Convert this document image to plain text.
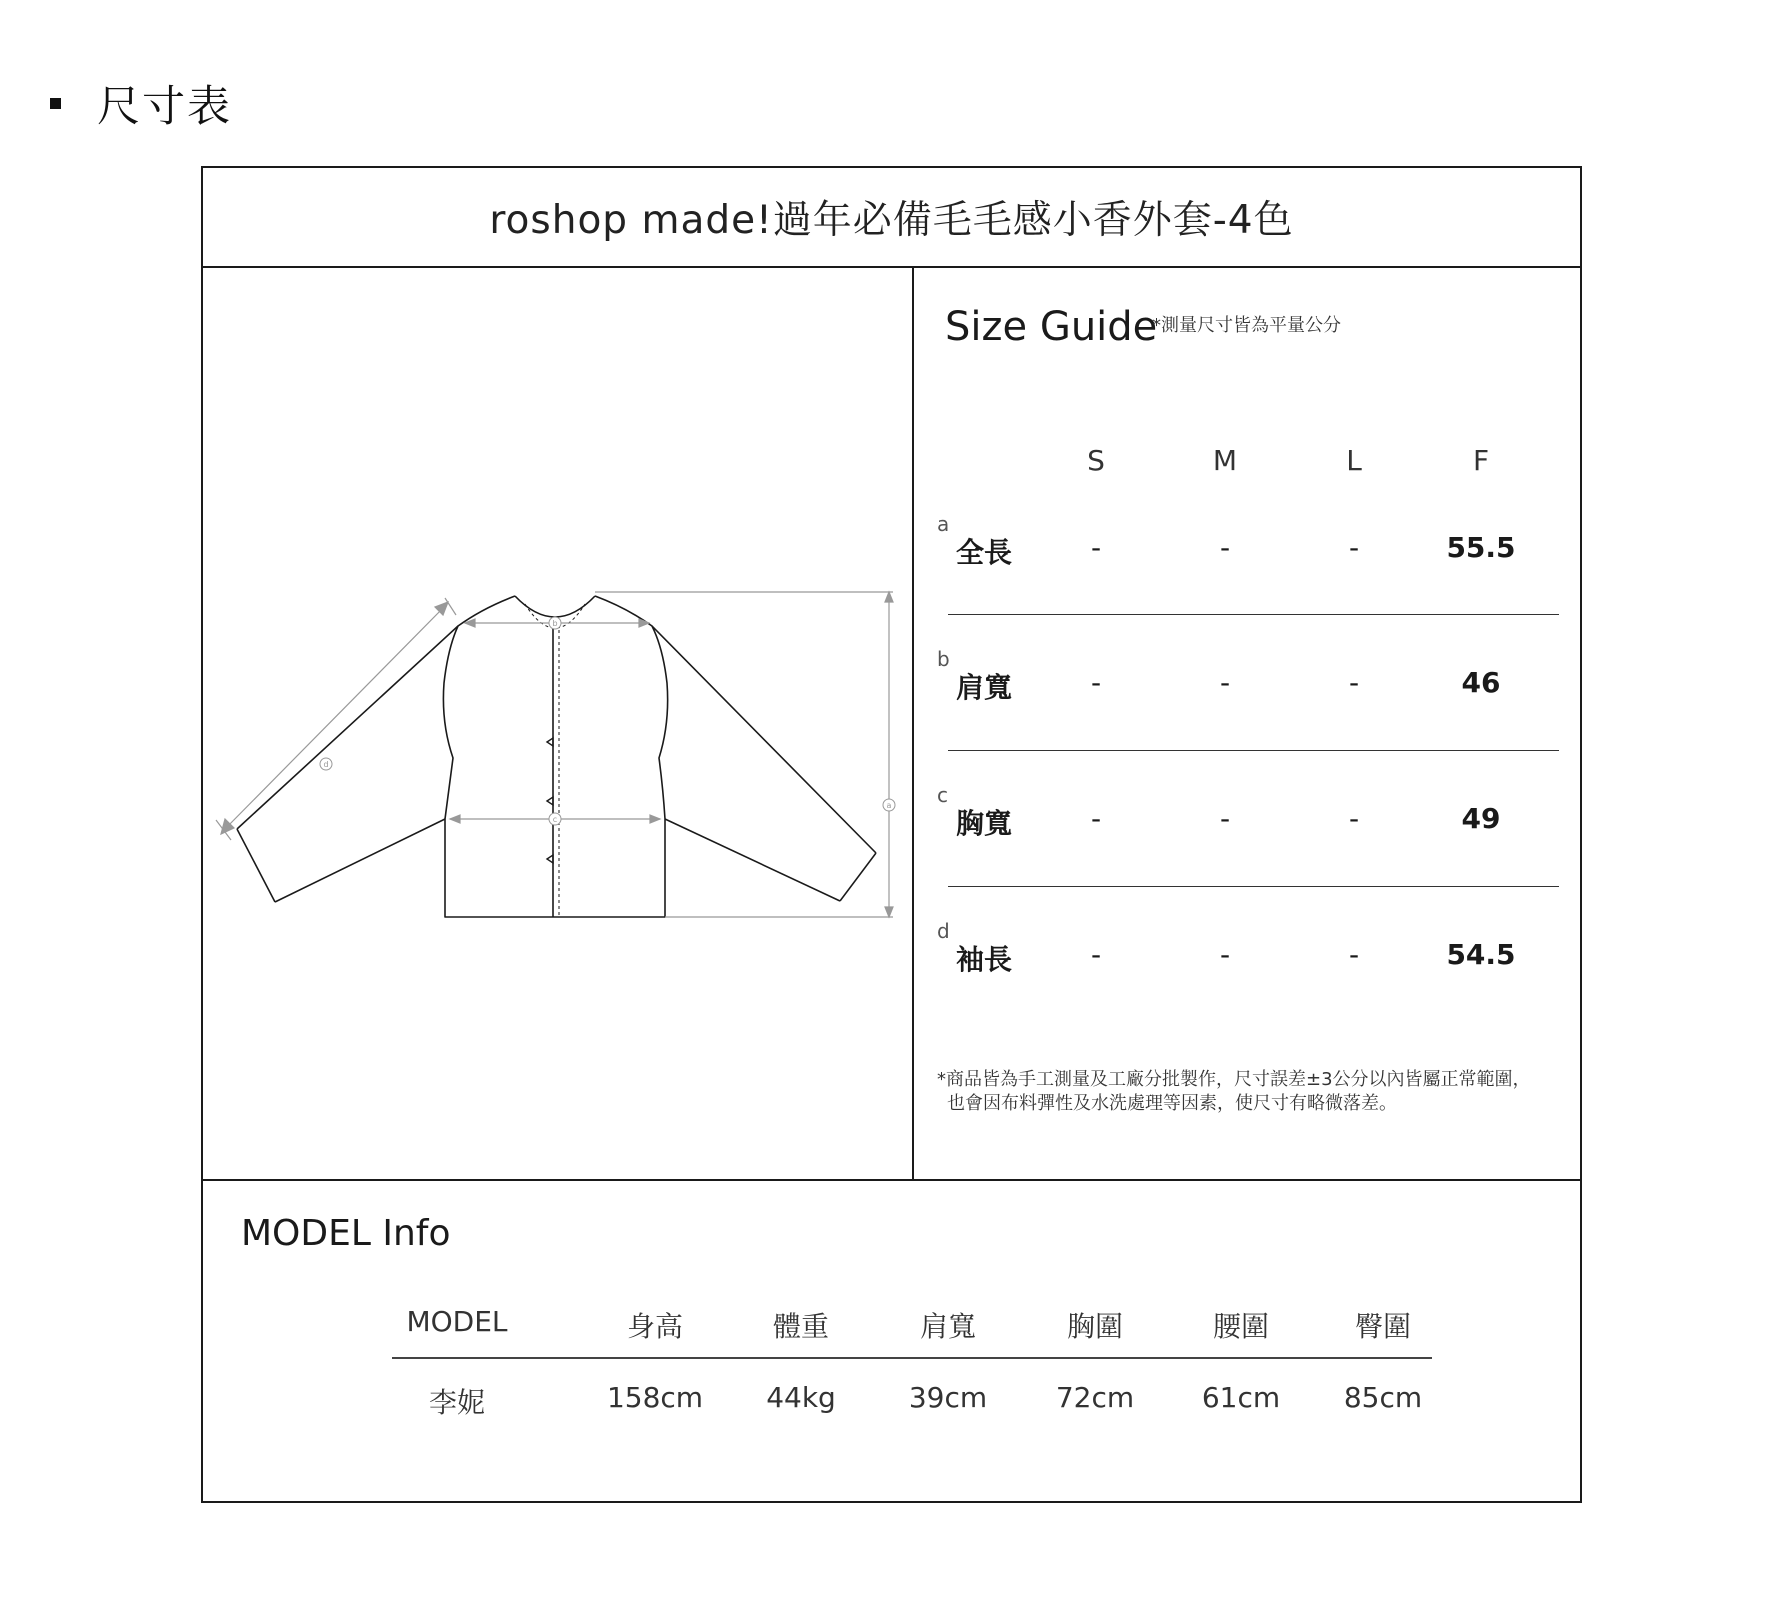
尺寸表
roshop made!過年必備毛毛感小香外套-4色
b
c
a
d
Size Guide
*測量尺寸皆為平量公分
S	M	L	F
a
全長	-	-	-	55.5
b
肩寬	-	-	-	46
c
胸寬	-	-	-	49
d
袖長	-	-	-	54.5
*商品皆為手工測量及工廠分批製作，尺寸誤差±3公分以內皆屬正常範圍，
也會因布料彈性及水洗處理等因素，使尺寸有略微落差。
MODEL Info
MODEL	身高	體重	肩寬	胸圍	腰圍	臀圍
李妮	158cm	44kg	39cm	72cm	61cm	85cm
